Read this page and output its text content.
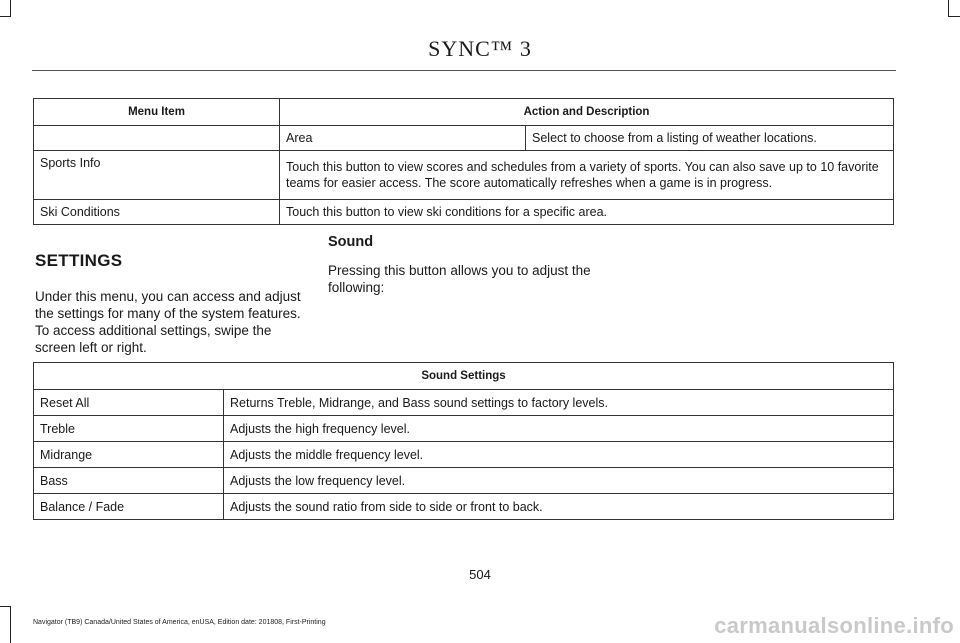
SYNC™ 3
Menu Item	Action and Description	
	Area	Select to choose from a listing of weather locations.
Sports Info	Touch this button to view scores and schedules from a variety of sports. You can also save up to 10 favorite teams for easier access. The score automatically refreshes when a game is in progress.	
Ski Conditions	Touch this button to view ski conditions for a specific area.	
SETTINGS
Under this menu, you can access and adjust the settings for many of the system features. To access additional settings, swipe the screen left or right.
Sound
Pressing this button allows you to adjust the following:
Sound Settings	
Reset All	Returns Treble, Midrange, and Bass sound settings to factory levels.
Treble	Adjusts the high frequency level.
Midrange	Adjusts the middle frequency level.
Bass	Adjusts the low frequency level.
Balance / Fade	Adjusts the sound ratio from side to side or front to back.
504
Navigator (TB9) Canada/United States of America, enUSA, Edition date: 201808, First-Printing	carmanualsonline.info
